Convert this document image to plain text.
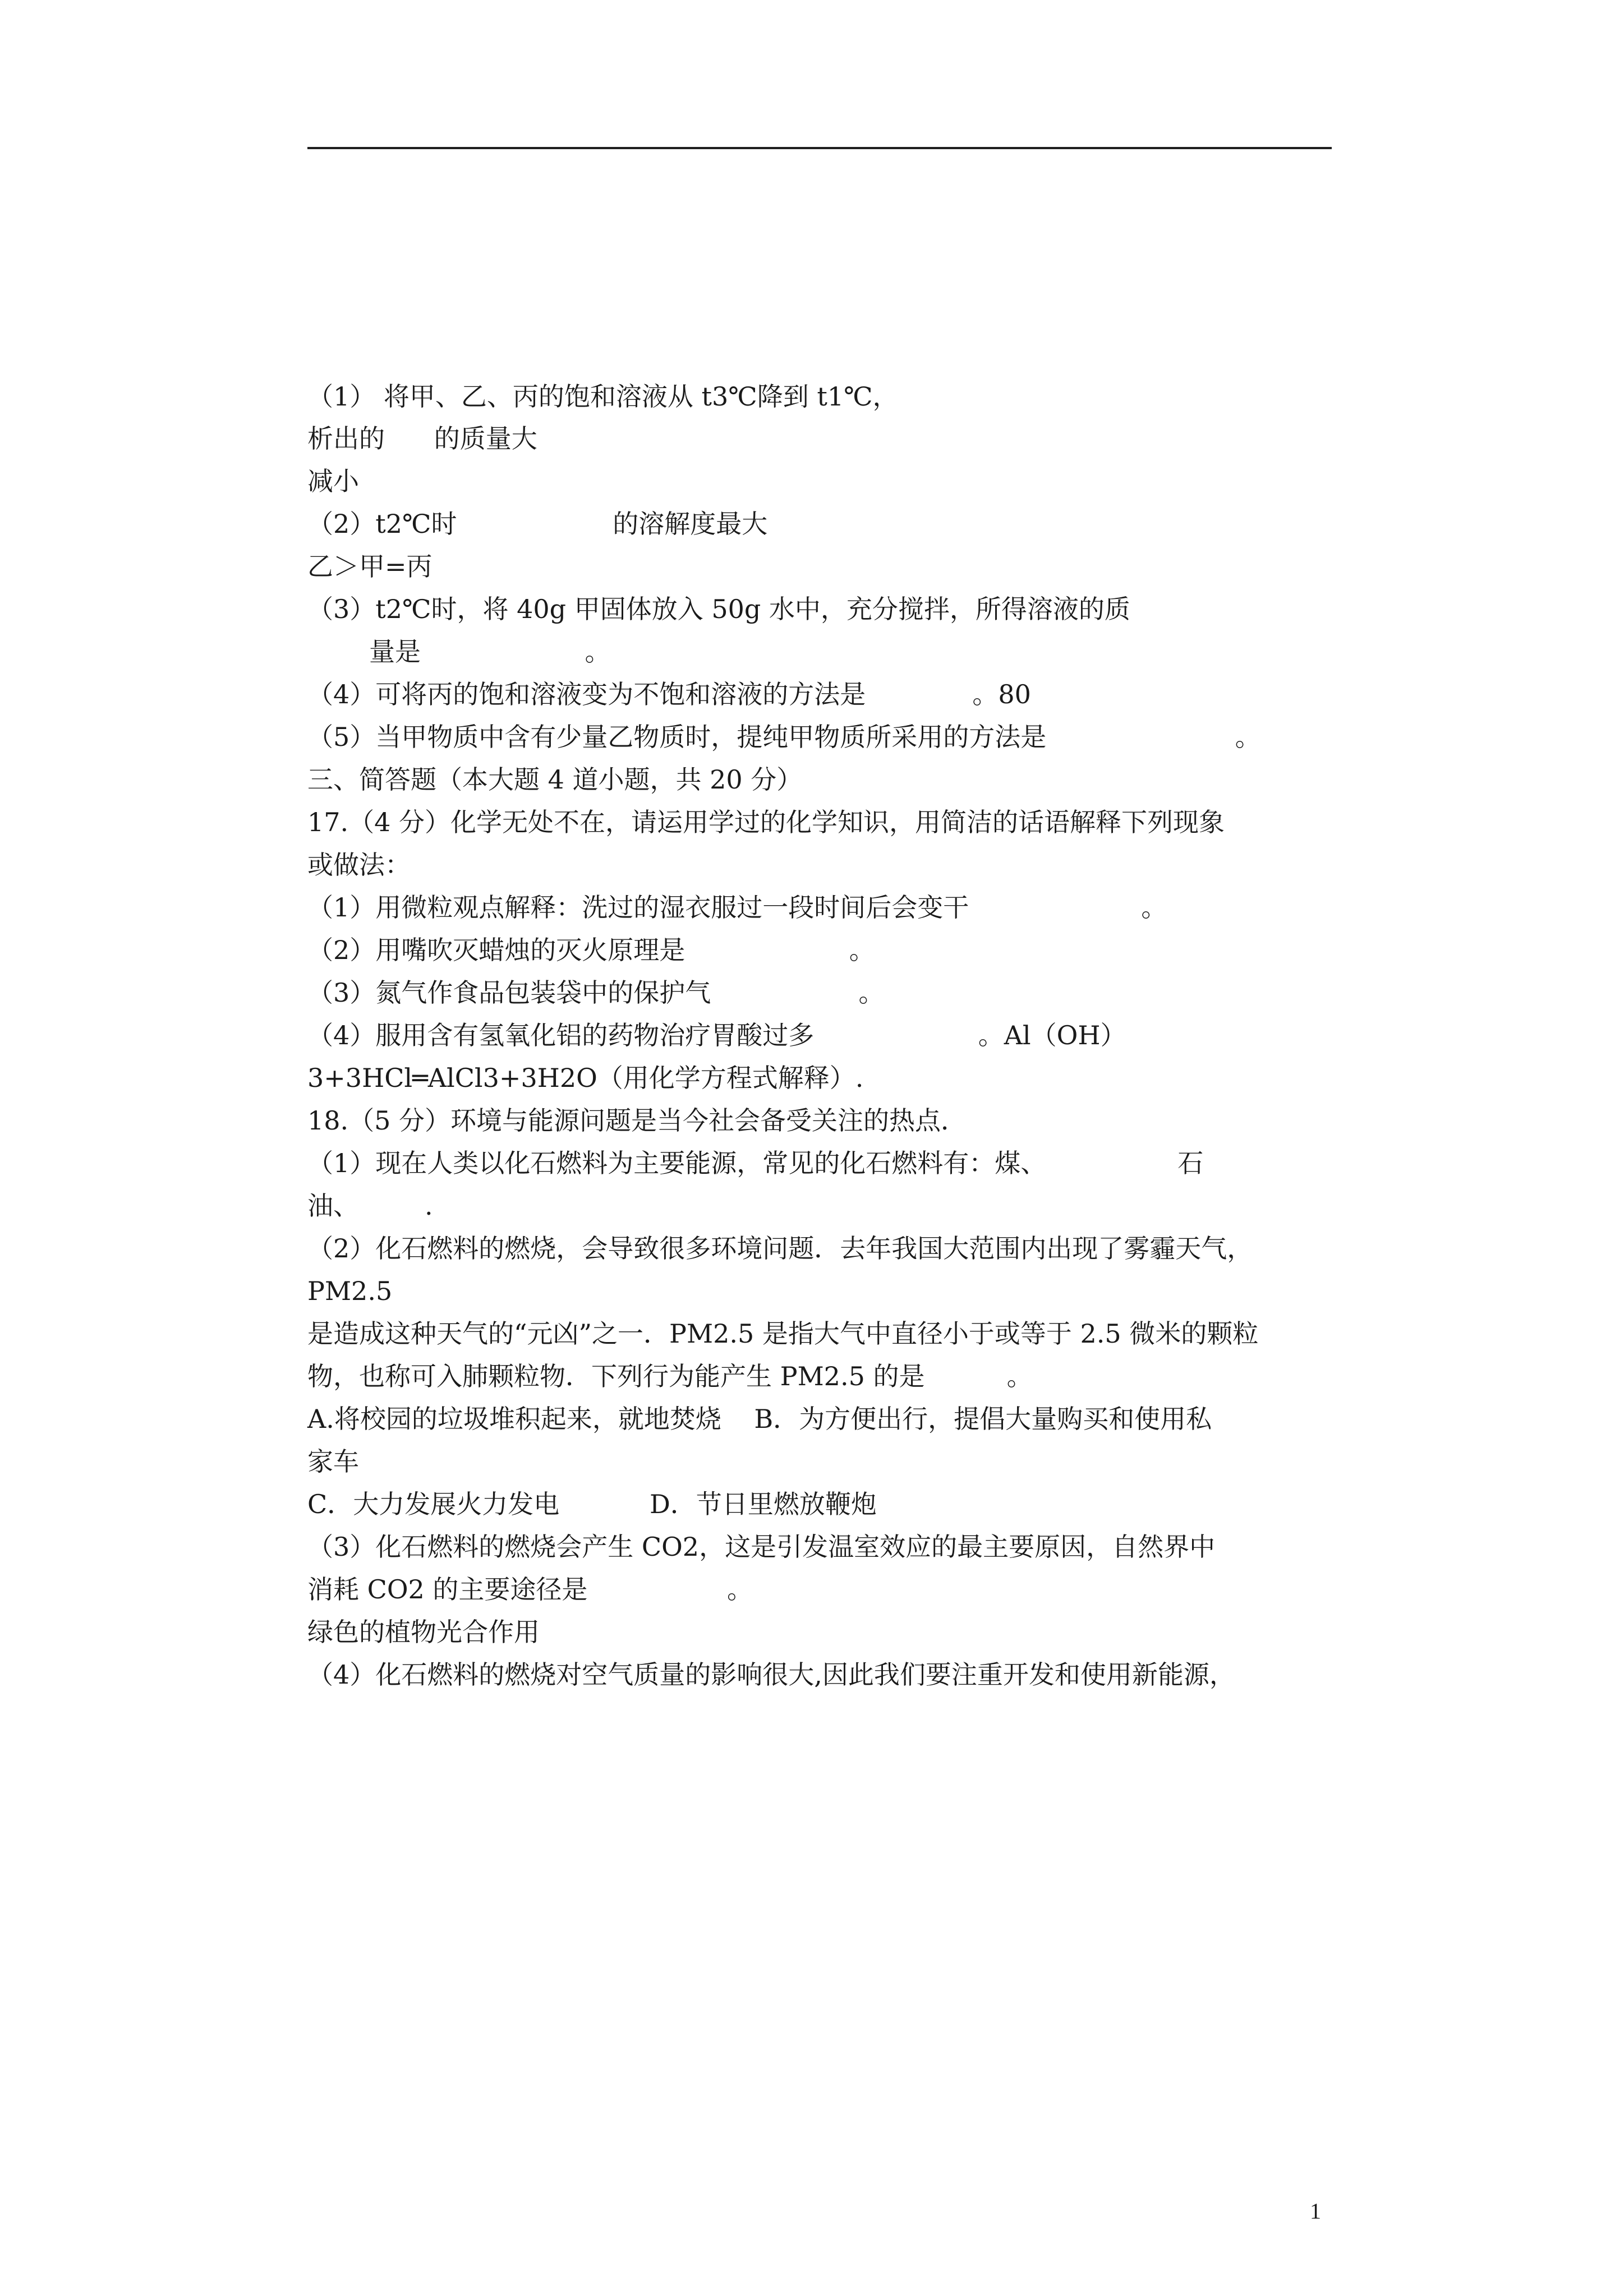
（1） 将甲、乙、丙的饱和溶液从 t3℃降到 t1℃，

析出的      的质量大

减小

（2）t2℃时                   的溶解度最大

乙＞甲=丙

（3）t2℃时，将 40g 甲固体放入 50g 水中，充分搅拌，所得溶液的质

量是                    。

（4）可将丙的饱和溶液变为不饱和溶液的方法是             。80

（5）当甲物质中含有少量乙物质时，提纯甲物质所采用的方法是                       。

三、简答题（本大题 4 道小题，共 20 分）

17.（4 分）化学无处不在，请运用学过的化学知识，用简洁的话语解释下列现象

或做法：

（1）用微粒观点解释：洗过的湿衣服过一段时间后会变干                     。

（2）用嘴吹灭蜡烛的灭火原理是                    。

（3）氮气作食品包装袋中的保护气                  。

（4）服用含有氢氧化铝的药物治疗胃酸过多                    。Al（OH）

3+3HCl═AlCl3+3H2O（用化学方程式解释）.

18.（5 分）环境与能源问题是当今社会备受关注的热点．

（1）现在人类以化石燃料为主要能源，常见的化石燃料有：煤、                石

油、        .

（2）化石燃料的燃烧，会导致很多环境问题．去年我国大范围内出现了雾霾天气，

PM2.5

是造成这种天气的“元凶”之一．PM2.5 是指大气中直径小于或等于 2.5 微米的颗粒

物，也称可入肺颗粒物．下列行为能产生 PM2.5 的是          。

A.将校园的垃圾堆积起来，就地焚烧    B．为方便出行，提倡大量购买和使用私

家车

C．大力发展火力发电           D．节日里燃放鞭炮

（3）化石燃料的燃烧会产生 CO2，这是引发温室效应的最主要原因，自然界中

消耗 CO2 的主要途径是                 。

绿色的植物光合作用

（4）化石燃料的燃烧对空气质量的影响很大,因此我们要注重开发和使用新能源，

1
